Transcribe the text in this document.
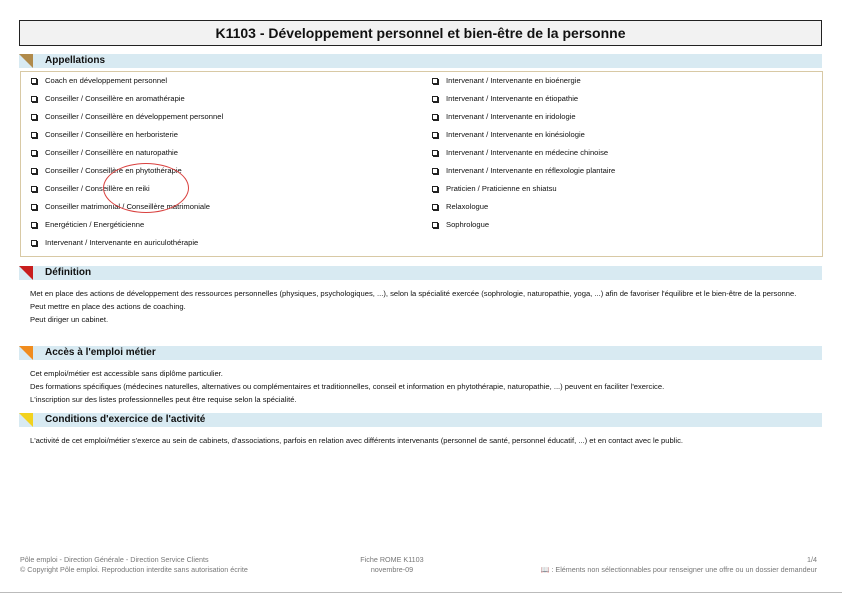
K1103 - Développement personnel et bien-être de la personne
Appellations
Coach en développement personnel
Conseiller / Conseillère en aromathérapie
Conseiller / Conseillère en développement personnel
Conseiller / Conseillère en herboristerie
Conseiller / Conseillère en naturopathie
Conseiller / Conseillère en phytothérapie
Conseiller / Conseillère en reiki
Conseiller matrimonial / Conseillère matrimoniale
Energéticien / Energéticienne
Intervenant / Intervenante en auriculothérapie
Intervenant / Intervenante en bioénergie
Intervenant / Intervenante en étiopathie
Intervenant / Intervenante en iridologie
Intervenant / Intervenante en kinésiologie
Intervenant / Intervenante en médecine chinoise
Intervenant / Intervenante en réflexologie plantaire
Praticien / Praticienne en shiatsu
Relaxologue
Sophrologue
Définition

Met en place des actions de développement des ressources personnelles (physiques, psychologiques, ...), selon la spécialité exercée (sophrologie, naturopathie, yoga, ...) afin de favoriser l'équilibre et le bien-être de la personne.

Peut mettre en place des actions de coaching.

Peut diriger un cabinet.

Accès à l'emploi métier

Cet emploi/métier est accessible sans diplôme particulier.

Des formations spécifiques (médecines naturelles, alternatives ou complémentaires et traditionnelles, conseil et information en phytothérapie, naturopathie, ...) peuvent en faciliter l'exercice.

L'inscription sur des listes professionnelles peut être requise selon la spécialité.

Conditions d'exercice de l'activité

L'activité de cet emploi/métier s'exerce au sein de cabinets, d'associations, parfois en relation avec différents intervenants (personnel de santé, personnel éducatif, ...) et en contact avec le public.

Pôle emploi - Direction Générale - Direction Service Clients
© Copyright Pôle emploi. Reproduction interdite sans autorisation écrite
Fiche ROME K1103
novembre-09
1/4
📖 : Eléments non sélectionnables pour renseigner une offre ou un dossier demandeur
